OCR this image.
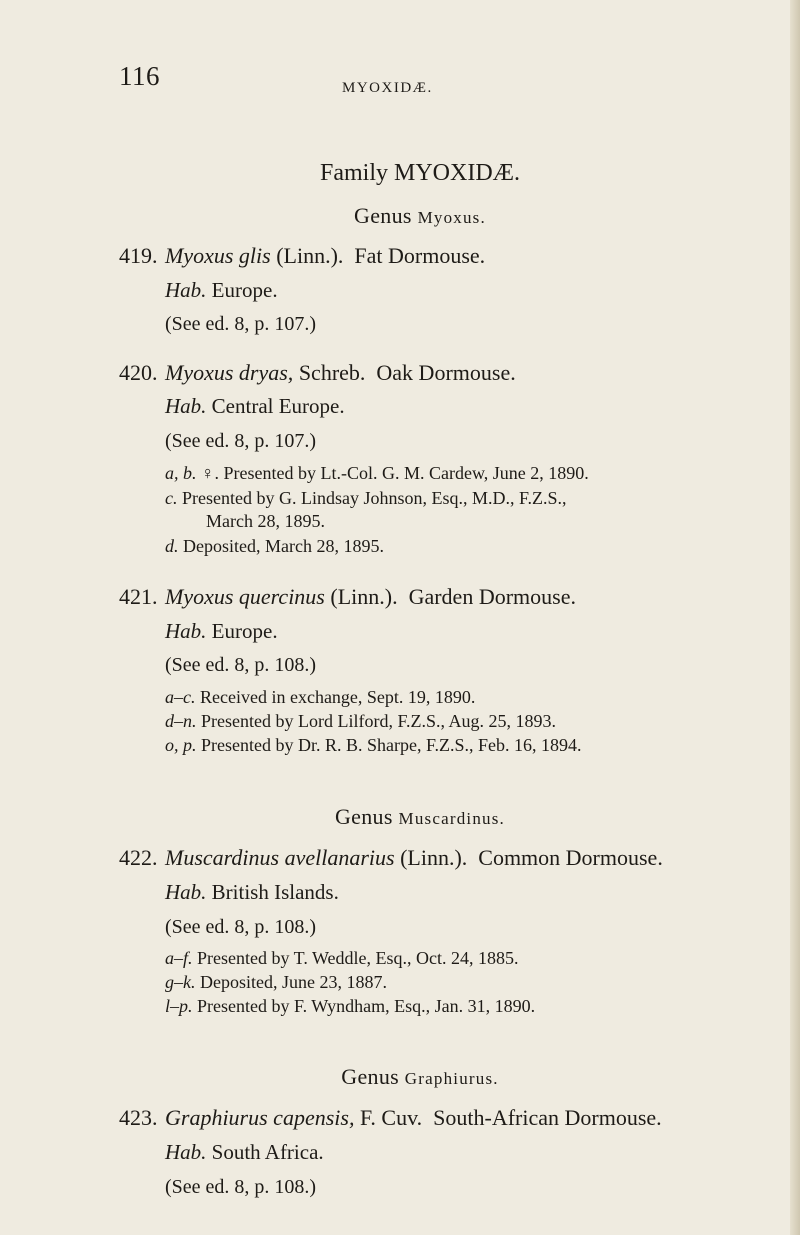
116	MYOXIDÆ.
Family MYOXIDÆ.
Genus Myoxus.
419. Myoxus glis (Linn.). Fat Dormouse.
Hab. Europe.
(See ed. 8, p. 107.)
420. Myoxus dryas, Schreb. Oak Dormouse.
Hab. Central Europe.
(See ed. 8, p. 107.)
a, b. ♀. Presented by Lt.-Col. G. M. Cardew, June 2, 1890.
c. Presented by G. Lindsay Johnson, Esq., M.D., F.Z.S.,
March 28, 1895.
d. Deposited, March 28, 1895.
421. Myoxus quercinus (Linn.). Garden Dormouse.
Hab. Europe.
(See ed. 8, p. 108.)
a–c. Received in exchange, Sept. 19, 1890.
d–n. Presented by Lord Lilford, F.Z.S., Aug. 25, 1893.
o, p. Presented by Dr. R. B. Sharpe, F.Z.S., Feb. 16, 1894.
Genus Muscardinus.
422. Muscardinus avellanarius (Linn.). Common Dormouse.
Hab. British Islands.
(See ed. 8, p. 108.)
a–f. Presented by T. Weddle, Esq., Oct. 24, 1885.
g–k. Deposited, June 23, 1887.
l–p. Presented by F. Wyndham, Esq., Jan. 31, 1890.
Genus Graphiurus.
423. Graphiurus capensis, F. Cuv. South-African Dormouse.
Hab. South Africa.
(See ed. 8, p. 108.)
